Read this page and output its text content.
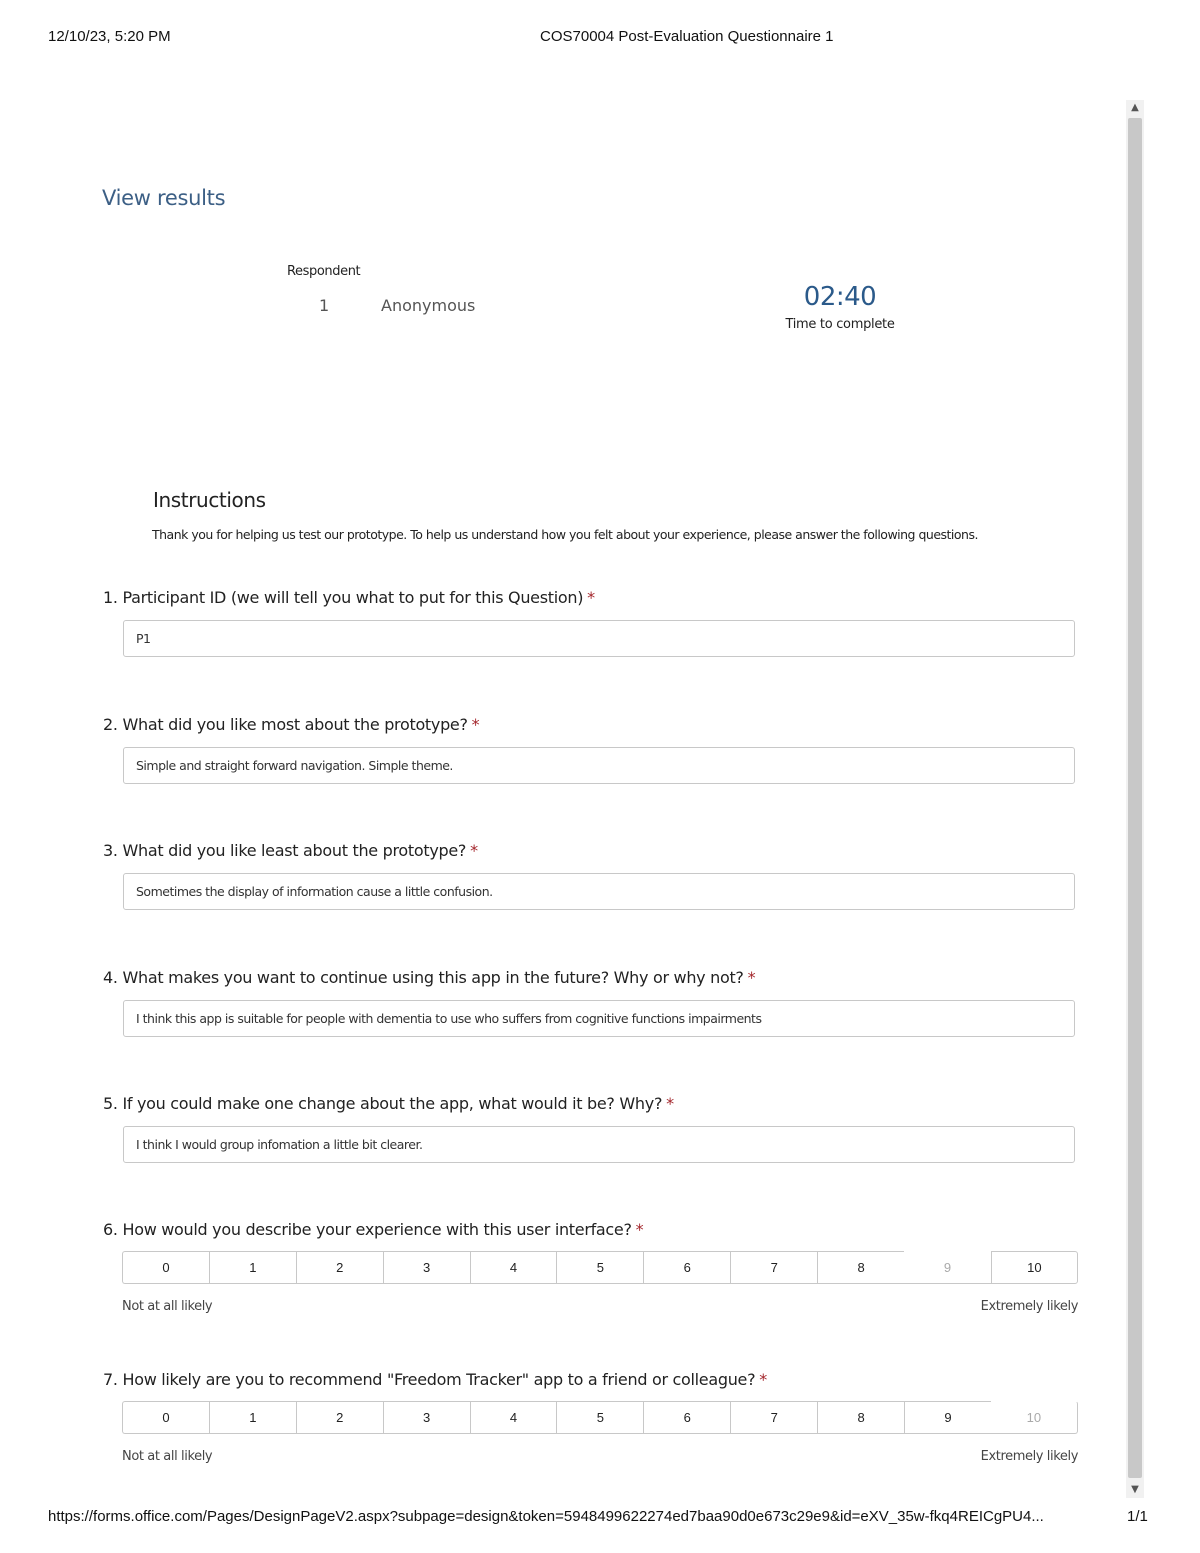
12/10/23, 5:20 PM	COS70004 Post-Evaluation Questionnaire 1
▲
▼
View results
Respondent
1	Anonymous	02:40
Time to complete
Instructions
Thank you for helping us test our prototype. To help us understand how you felt about your experience, please answer the following questions.
1. Participant ID (we will tell you what to put for this Question) *
P1
2. What did you like most about the prototype? *
Simple and straight forward navigation. Simple theme.
3. What did you like least about the prototype? *
Sometimes the display of information cause a little confusion.
4. What makes you want to continue using this app in the future? Why or why not? *
I think this app is suitable for people with dementia to use who suffers from cognitive functions impairments
5. If you could make one change about the app, what would it be? Why? *
I think I would group infomation a little bit clearer.
6. How would you describe your experience with this user interface? *
0	1	2	3	4	5	6	7	8	9	10
Not at all likely	Extremely likely
7. How likely are you to recommend "Freedom Tracker" app to a friend or colleague? *
0	1	2	3	4	5	6	7	8	9	10
Not at all likely	Extremely likely
https://forms.office.com/Pages/DesignPageV2.aspx?subpage=design&token=5948499622274ed7baa90d0e673c29e9&id=eXV_35w-fkq4REICgPU4...	1/1
